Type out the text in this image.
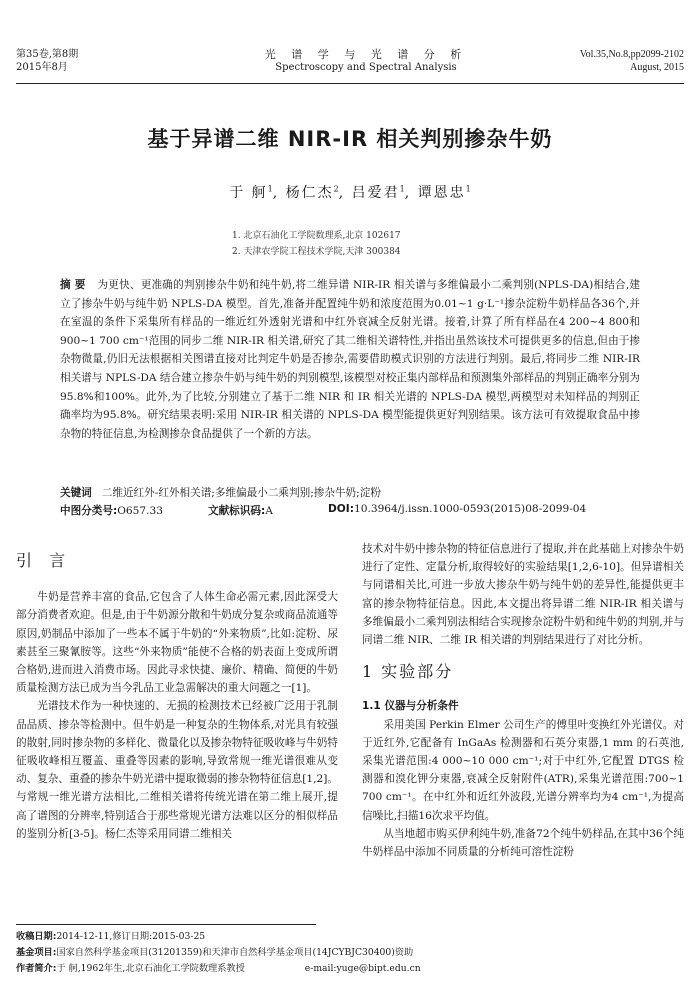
第35卷,第8期
2015年8月
光 谱 学 与 光 谱 分 析
Spectroscopy and Spectral Analysis
Vol.35,No.8,pp2099-2102
August, 2015
基于异谱二维 NIR-IR 相关判别掺杂牛奶
于 舸$^1$, 杨仁杰$^2$, 吕爱君$^1$, 谭恩忠$^1$
1. 北京石油化工学院数理系,北京 102617
2. 天津农学院工程技术学院,天津 300384
摘 要 为更快、更准确的判别掺杂牛奶和纯牛奶,将二维异谱 NIR-IR 相关谱与多维偏最小二乘判别(NPLS-DA)相结合,建立了掺杂牛奶与纯牛奶 NPLS-DA 模型。首先,准备并配置纯牛奶和浓度范围为0.01~1 g·L⁻¹掺杂淀粉牛奶样品各36个,并在室温的条件下采集所有样品的一维近红外透射光谱和中红外衰减全反射光谱。接着,计算了所有样品在4 200~4 800和900~1 700 cm⁻¹范围的同步二维 NIR-IR 相关谱,研究了其二维相关谱特性,并指出虽然该技术可提供更多的信息,但由于掺杂物微量,仍旧无法根据相关图谱直接对比判定牛奶是否掺杂,需要借助模式识别的方法进行判别。最后,将同步二维 NIR-IR 相关谱与 NPLS-DA 结合建立掺杂牛奶与纯牛奶的判别模型,该模型对校正集内部样品和预测集外部样品的判别正确率分别为95.8%和100%。此外,为了比较,分别建立了基于二维 NIR 和 IR 相关光谱的 NPLS-DA 模型,两模型对未知样品的判别正确率均为95.8%。研究结果表明:采用 NIR-IR 相关谱的 NPLS-DA 模型能提供更好判别结果。该方法可有效提取食品中掺杂物的特征信息,为检测掺杂食品提供了一个新的方法。
关键词 二维近红外-红外相关谱;多维偏最小二乘判别;掺杂牛奶;淀粉
中图分类号:O657.33	文献标识码:A	DOI:10.3964/j.issn.1000-0593(2015)08-2099-04
引 言

牛奶是营养丰富的食品,它包含了人体生命必需元素,因此深受大部分消费者欢迎。但是,由于牛奶源分散和牛奶成分复杂或商品流通等原因,奶制品中添加了一些本不属于牛奶的“外来物质”,比如:淀粉、尿素甚至三聚氰胺等。这些“外来物质”能使不合格的奶表面上变成所谓合格奶,进而进入消费市场。因此寻求快捷、廉价、精确、简便的牛奶质量检测方法已成为当今乳品工业急需解决的重大问题之一[1]。

光谱技术作为一种快速的、无损的检测技术已经被广泛用于乳制品品质、掺杂等检测中。但牛奶是一种复杂的生物体系,对光具有较强的散射,同时掺杂物的多样化、微量化以及掺杂物特征吸收峰与牛奶特征吸收峰相互覆盖、重叠等因素的影响,导致常规一维光谱很难从变动、复杂、重叠的掺杂牛奶光谱中提取微弱的掺杂物特征信息[1,2]。与常规一维光谱方法相比,二维相关谱将传统光谱在第二维上展开,提高了谱图的分辨率,特别适合于那些常规光谱方法难以区分的相似样品的鉴别分析[3-5]。杨仁杰等采用同谱二维相关

技术对牛奶中掺杂物的特征信息进行了提取,并在此基础上对掺杂牛奶进行了定性、定量分析,取得较好的实验结果[1,2,6-10]。但异谱相关与同谱相关比,可进一步放大掺杂牛奶与纯牛奶的差异性,能提供更丰富的掺杂物特征信息。因此,本文提出将异谱二维 NIR-IR 相关谱与多维偏最小二乘判别法相结合实现掺杂淀粉牛奶和纯牛奶的判别,并与同谱二维 NIR、二维 IR 相关谱的判别结果进行了对比分析。

1 实验部分
1.1 仪器与分析条件

采用美国 Perkin Elmer 公司生产的傅里叶变换红外光谱仪。对于近红外,它配备有 InGaAs 检测器和石英分束器,1 mm 的石英池,采集光谱范围:4 000~10 000 cm⁻¹;对于中红外,它配置 DTGS 检测器和溴化钾分束器,衰减全反射附件(ATR),采集光谱范围:700~1 700 cm⁻¹。在中红外和近红外波段,光谱分辨率均为4 cm⁻¹,为提高信噪比,扫描16次求平均值。

从当地超市购买伊利纯牛奶,准备72个纯牛奶样品,在其中36个纯牛奶样品中添加不同质量的分析纯可溶性淀粉

收稿日期:2014-12-11,修订日期:2015-03-25
基金项目:国家自然科学基金项目(31201359)和天津市自然科学基金项目(14JCYBJC30400)资助
作者简介:于 舸,1962年生,北京石油化工学院数理系教授	e-mail:yuge@bipt.edu.cn
